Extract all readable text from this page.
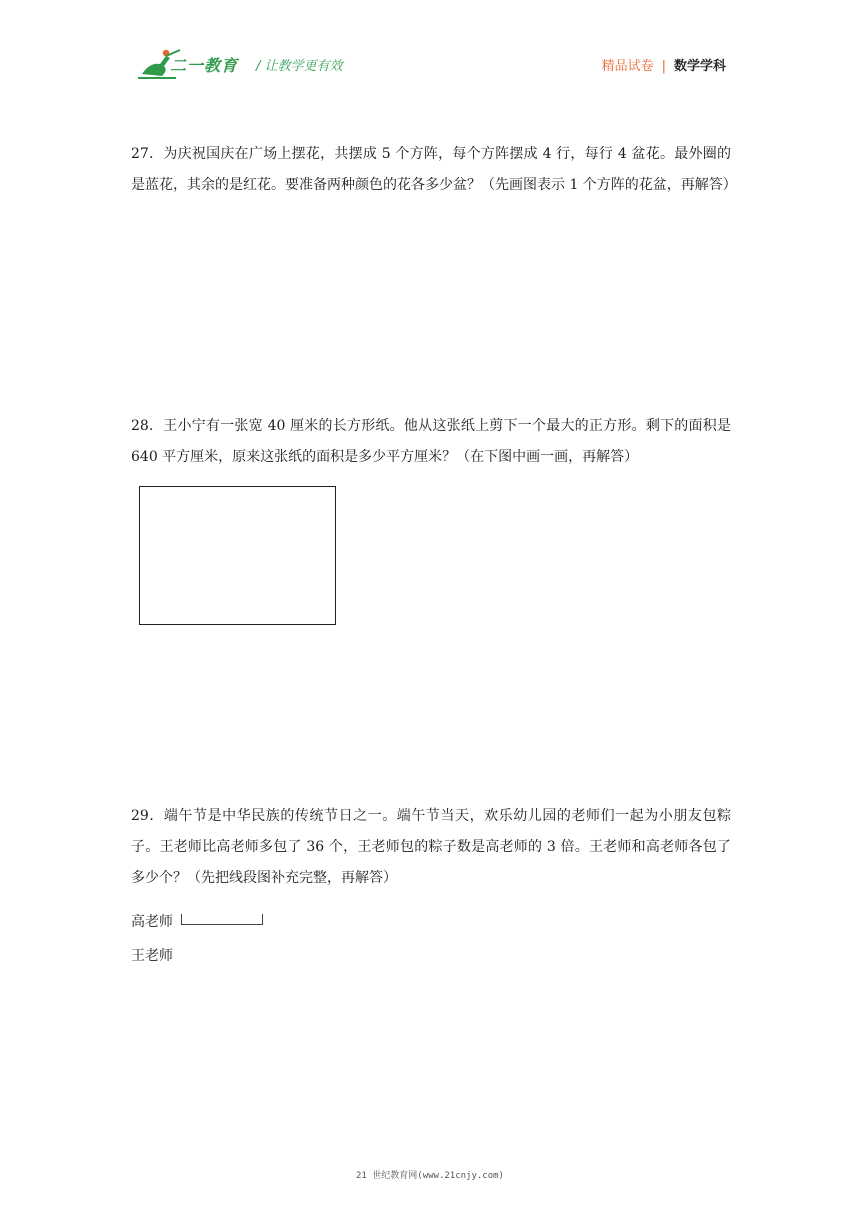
二一教育 / 让教学更有效	精品试卷 | 数学学科

27．为庆祝国庆在广场上摆花，共摆成 5 个方阵，每个方阵摆成 4 行，每行 4 盆花。最外圈的是蓝花，其余的是红花。要准备两种颜色的花各多少盆？（先画图表示 1 个方阵的花盆，再解答）

28．王小宁有一张宽 40 厘米的长方形纸。他从这张纸上剪下一个最大的正方形。剩下的面积是 640 平方厘米，原来这张纸的面积是多少平方厘米？（在下图中画一画，再解答）

29．端午节是中华民族的传统节日之一。端午节当天，欢乐幼儿园的老师们一起为小朋友包粽子。王老师比高老师多包了 36 个，王老师包的粽子数是高老师的 3 倍。王老师和高老师各包了多少个？（先把线段图补充完整，再解答）

高老师
王老师
21 世纪教育网(www.21cnjy.com)
